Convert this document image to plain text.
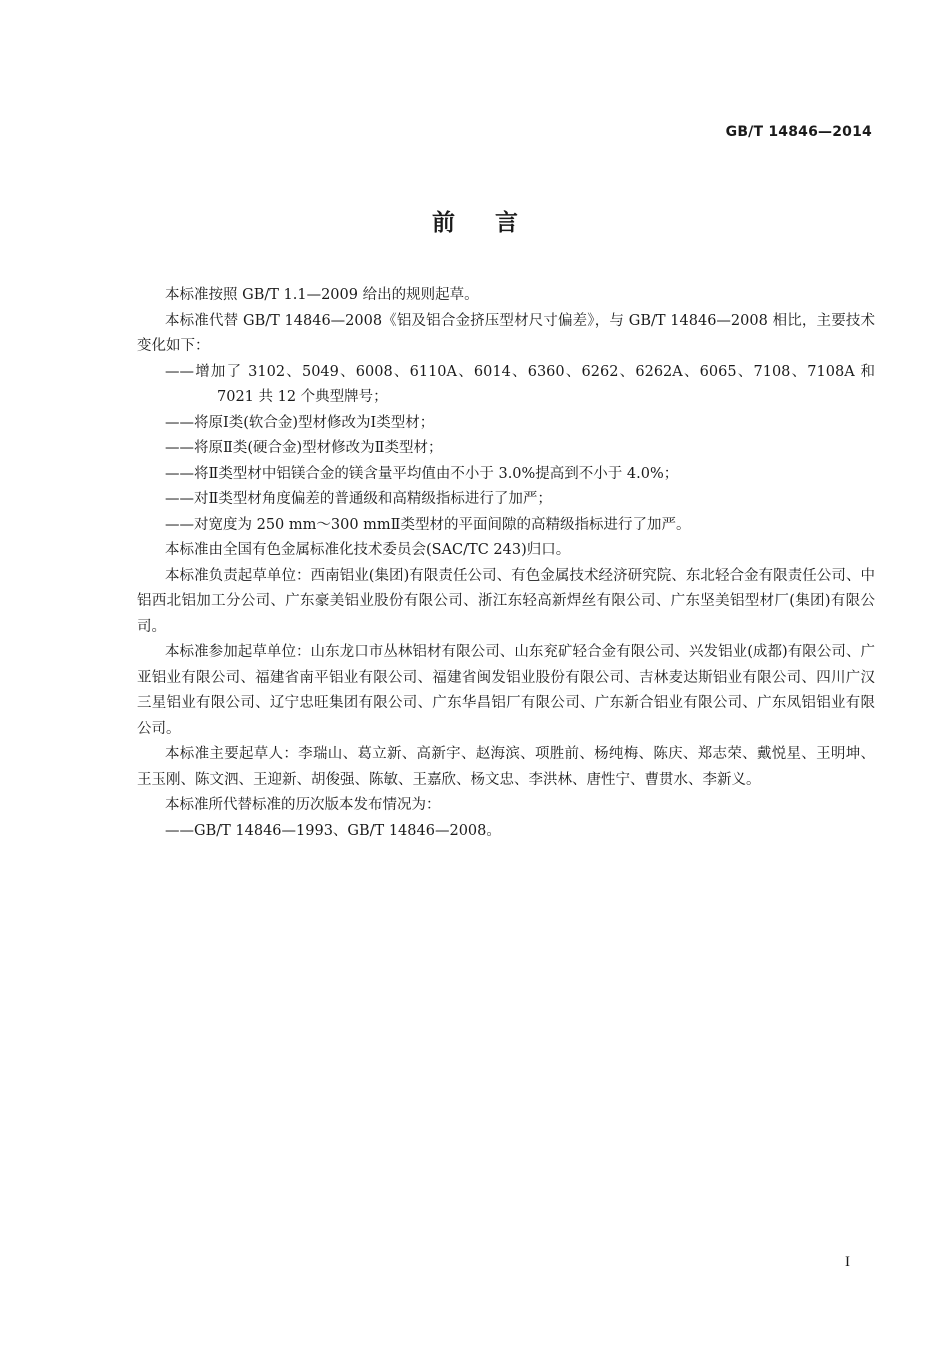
GB/T 14846—2014
前 言

本标准按照 GB/T 1.1—2009 给出的规则起草。

本标准代替 GB/T 14846—2008《铝及铝合金挤压型材尺寸偏差》，与 GB/T 14846—2008 相比，主要技术变化如下：

——增加了 3102、5049、6008、6110A、6014、6360、6262、6262A、6065、7108、7108A 和 7021 共 12 个典型牌号；
——将原Ⅰ类(软合金)型材修改为Ⅰ类型材；
——将原Ⅱ类(硬合金)型材修改为Ⅱ类型材；
——将Ⅱ类型材中铝镁合金的镁含量平均值由不小于 3.0%提高到不小于 4.0%；
——对Ⅱ类型材角度偏差的普通级和高精级指标进行了加严；
——对宽度为 250 mm～300 mmⅡ类型材的平面间隙的高精级指标进行了加严。

本标准由全国有色金属标准化技术委员会(SAC/TC 243)归口。

本标准负责起草单位：西南铝业(集团)有限责任公司、有色金属技术经济研究院、东北轻合金有限责任公司、中铝西北铝加工分公司、广东豪美铝业股份有限公司、浙江东轻高新焊丝有限公司、广东坚美铝型材厂(集团)有限公司。

本标准参加起草单位：山东龙口市丛林铝材有限公司、山东兖矿轻合金有限公司、兴发铝业(成都)有限公司、广亚铝业有限公司、福建省南平铝业有限公司、福建省闽发铝业股份有限公司、吉林麦达斯铝业有限公司、四川广汉三星铝业有限公司、辽宁忠旺集团有限公司、广东华昌铝厂有限公司、广东新合铝业有限公司、广东凤铝铝业有限公司。

本标准主要起草人：李瑞山、葛立新、高新宇、赵海滨、项胜前、杨纯梅、陈庆、郑志荣、戴悦星、王明坤、王玉刚、陈文泗、王迎新、胡俊强、陈敏、王嘉欣、杨文忠、李洪林、唐性宁、曹贯水、李新义。

本标准所代替标准的历次版本发布情况为：

——GB/T 14846—1993、GB/T 14846—2008。
I
